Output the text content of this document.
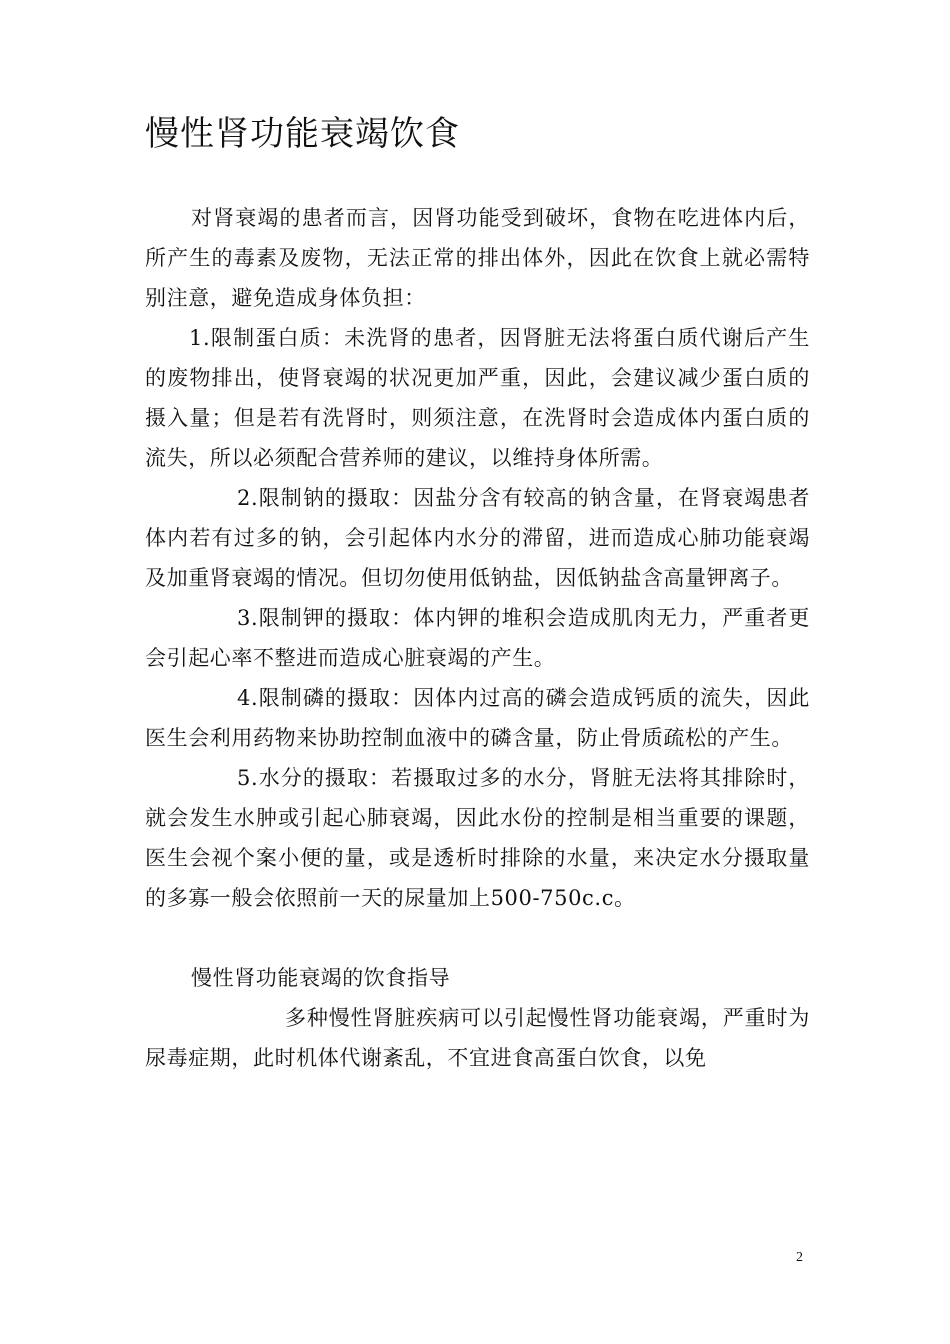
慢性肾功能衰竭饮食

对肾衰竭的患者而言，因肾功能受到破坏，食物在吃进体内后，所产生的毒素及废物，无法正常的排出体外，因此在饮食上就必需特别注意，避免造成身体负担：

1.限制蛋白质：未洗肾的患者，因肾脏无法将蛋白质代谢后产生的废物排出，使肾衰竭的状况更加严重，因此，会建议减少蛋白质的摄入量；但是若有洗肾时，则须注意，在洗肾时会造成体内蛋白质的流失，所以必须配合营养师的建议，以维持身体所需。

2.限制钠的摄取：因盐分含有较高的钠含量，在肾衰竭患者体内若有过多的钠，会引起体内水分的滞留，进而造成心肺功能衰竭及加重肾衰竭的情况。但切勿使用低钠盐，因低钠盐含高量钾离子。

3.限制钾的摄取：体内钾的堆积会造成肌肉无力，严重者更会引起心率不整进而造成心脏衰竭的产生。

4.限制磷的摄取：因体内过高的磷会造成钙质的流失，因此医生会利用药物来协助控制血液中的磷含量，防止骨质疏松的产生。

5.水分的摄取：若摄取过多的水分，肾脏无法将其排除时，就会发生水肿或引起心肺衰竭，因此水份的控制是相当重要的课题，医生会视个案小便的量，或是透析时排除的水量，来决定水分摄取量的多寡一般会依照前一天的尿量加上500-750c.c。

慢性肾功能衰竭的饮食指导

多种慢性肾脏疾病可以引起慢性肾功能衰竭，严重时为尿毒症期，此时机体代谢紊乱，不宜进食高蛋白饮食，以免

2
